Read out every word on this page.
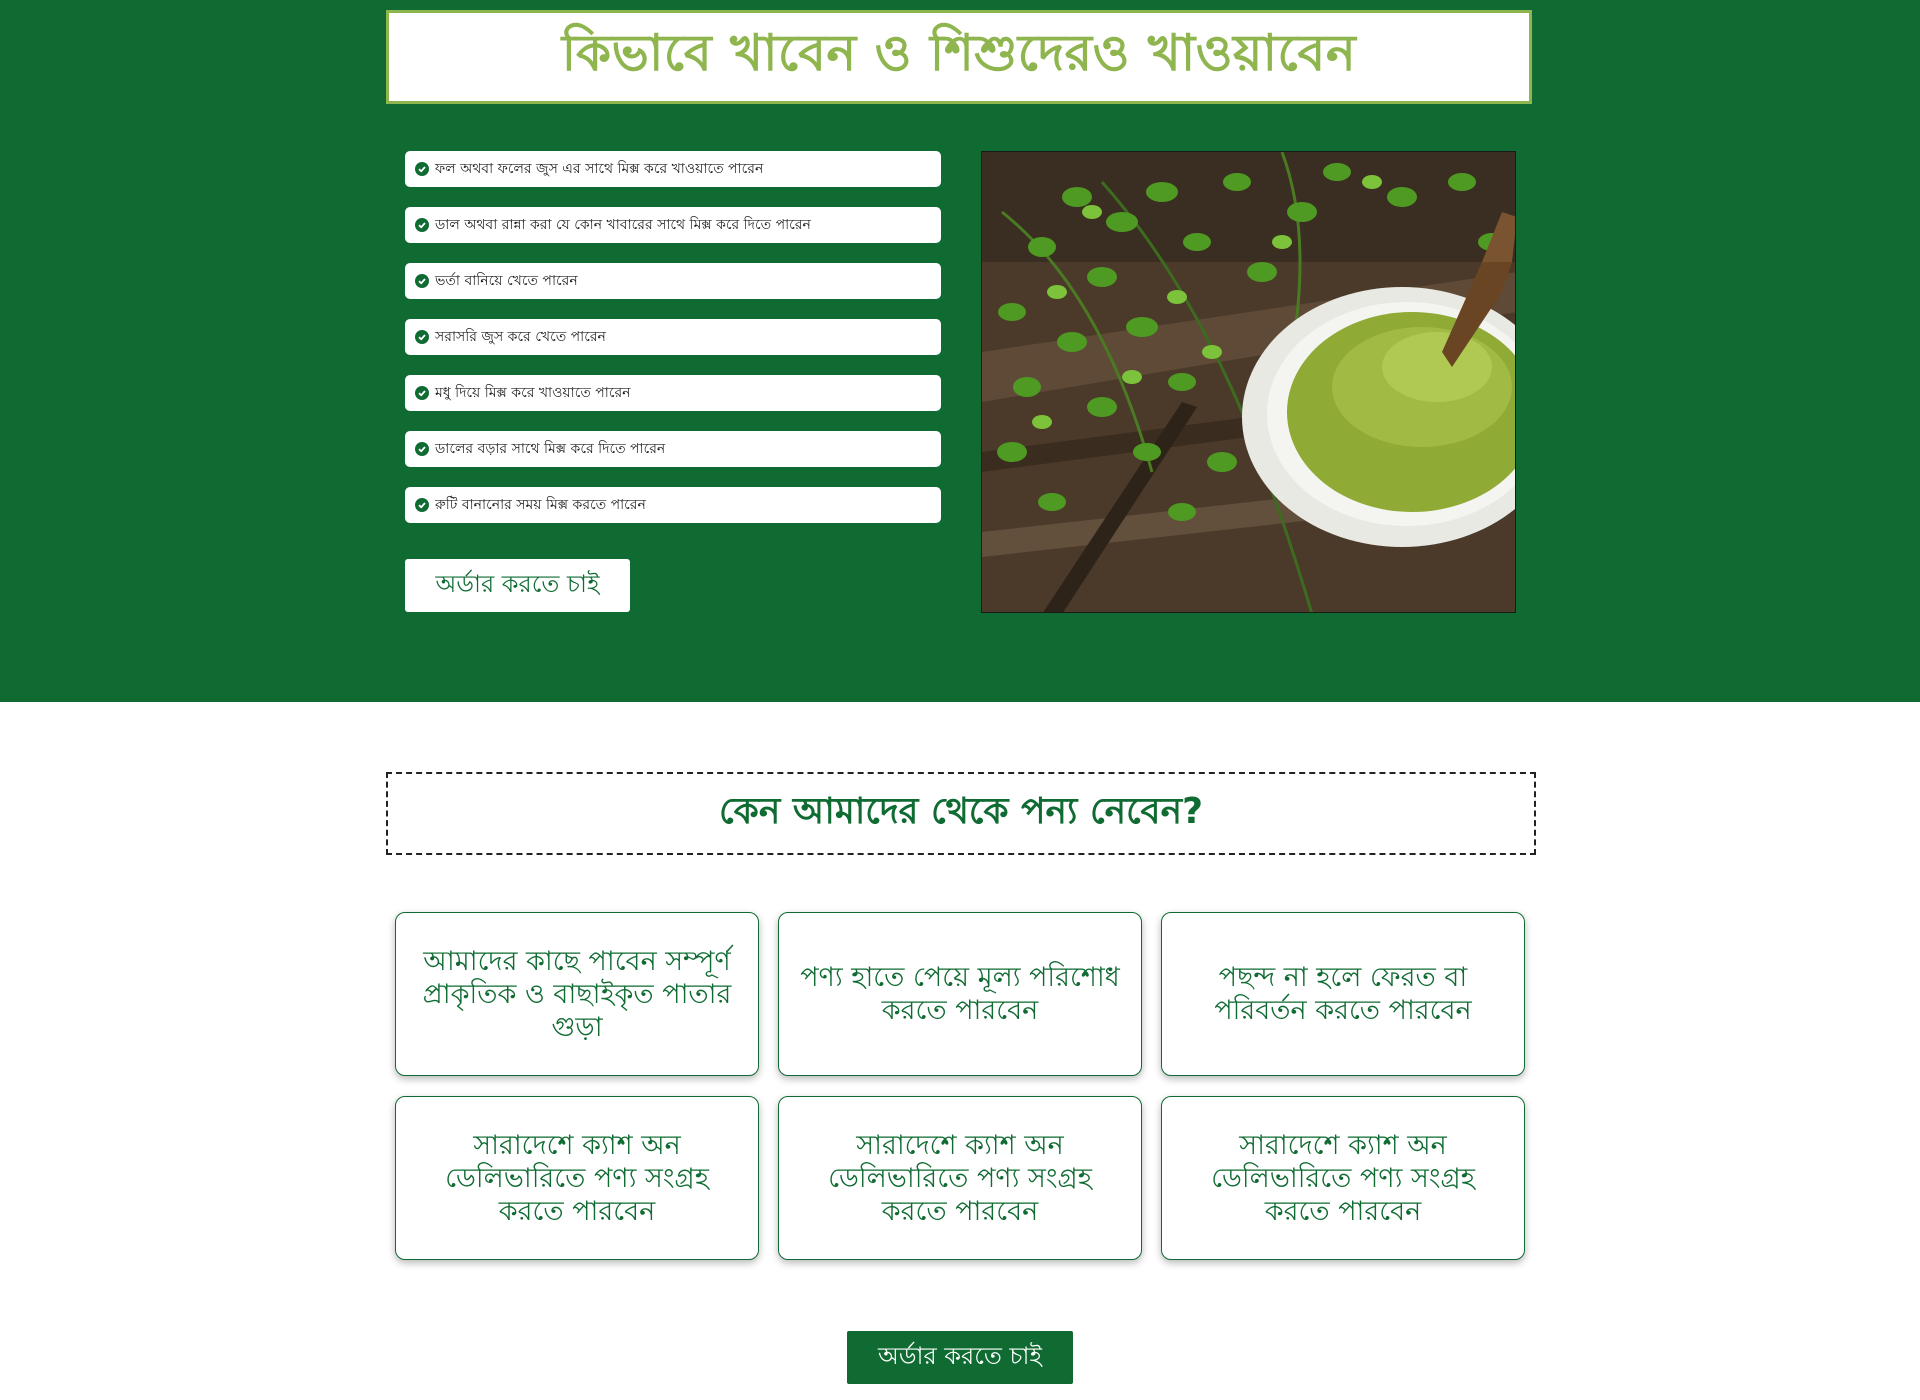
কিভাবে খাবেন ও শিশুদেরও খাওয়াবেন
ফল অথবা ফলের জুস এর সাথে মিক্স করে খাওয়াতে পারেন
ডাল অথবা রান্না করা যে কোন খাবারের সাথে মিক্স করে দিতে পারেন
ভর্তা বানিয়ে খেতে পারেন
সরাসরি জুস করে খেতে পারেন
মধু দিয়ে মিক্স করে খাওয়াতে পারেন
ডালের বড়ার সাথে মিক্স করে দিতে পারেন
রুটি বানানোর সময় মিক্স করতে পারেন
অর্ডার করতে চাই
কেন আমাদের থেকে পন্য নেবেন?
আমাদের কাছে পাবেন সম্পূর্ণ প্রাকৃতিক ও বাছাইকৃত পাতার গুড়া
পণ্য হাতে পেয়ে মূল্য পরিশোধ করতে পারবেন
পছন্দ না হলে ফেরত বা পরিবর্তন করতে পারবেন
সারাদেশে ক্যাশ অন ডেলিভারিতে পণ্য সংগ্রহ করতে পারবেন
সারাদেশে ক্যাশ অন ডেলিভারিতে পণ্য সংগ্রহ করতে পারবেন
সারাদেশে ক্যাশ অন ডেলিভারিতে পণ্য সংগ্রহ করতে পারবেন
অর্ডার করতে চাই
